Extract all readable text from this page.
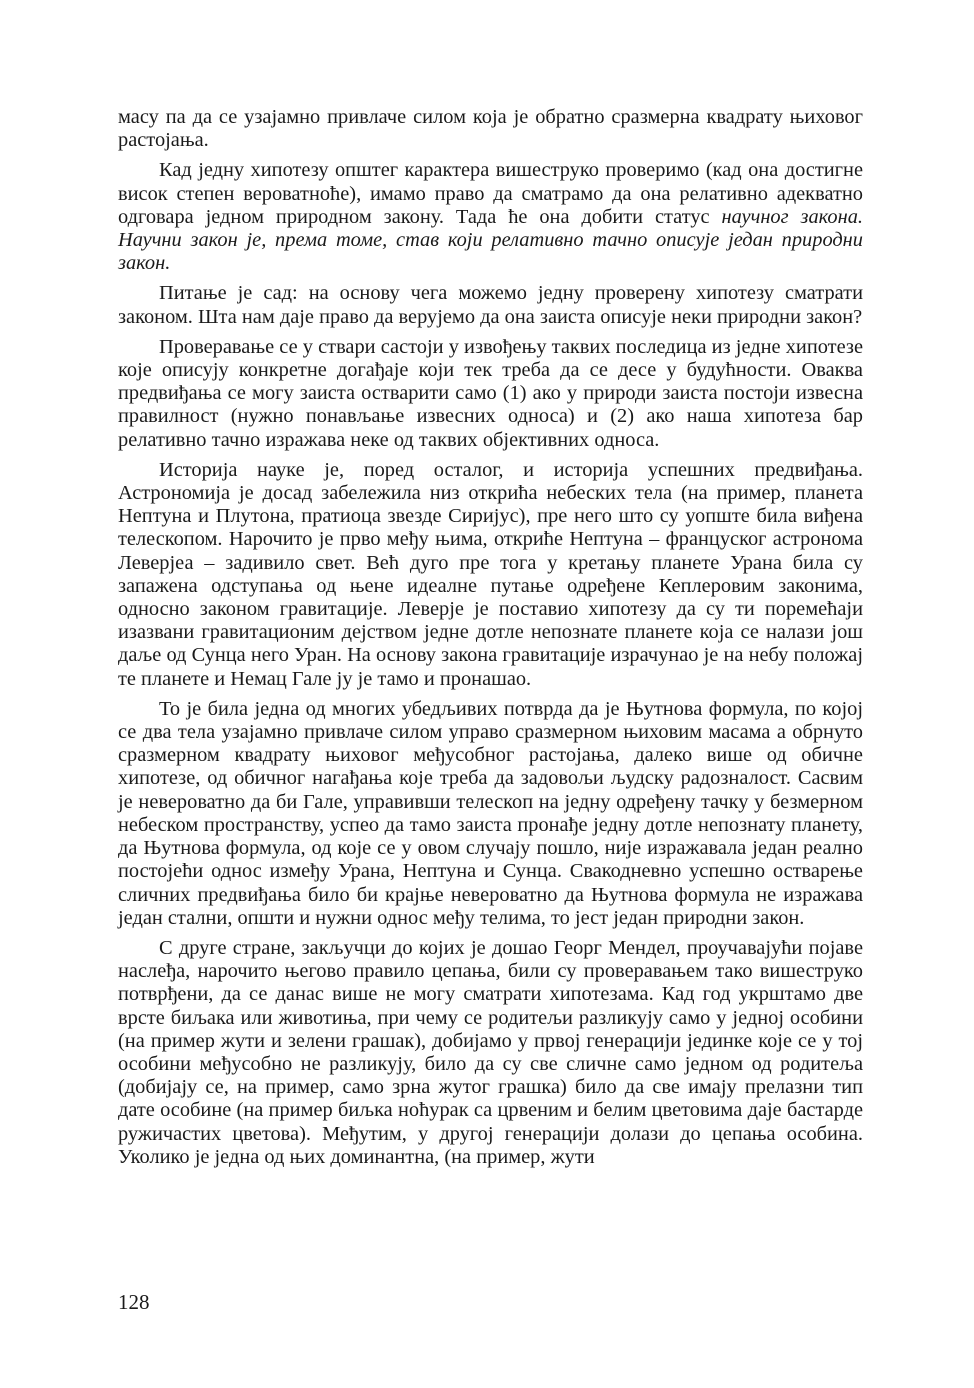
масу па да се узајамно привлаче силом која је обратно сразмерна квадрату њиховог растојања.

Кад једну хипотезу општег карактера вишеструко проверимо (кад она достигне висок степен вероватноће), имамо право да сматрамо да она релативно адекватно одговара једном природном закону. Тада ће она добити статус научног закона. Научни закон је, према томе, став који релативно тачно описује један природни закон.

Питање је сад: на основу чега можемо једну проверену хипотезу сматрати законом. Шта нам даје право да верујемо да она заиста описује неки природни закон?

Проверавање се у ствари састоји у извођењу таквих последица из једне хипотезе које описују конкретне догађаје који тек треба да се десе у будућности. Оваква предвиђања се могу заиста остварити само (1) ако у природи заиста постоји извесна правилност (нужно понављање извесних односа) и (2) ако наша хипотеза бар релативно тачно изражава неке од таквих објективних односа.

Историја науке је, поред осталог, и историја успешних предвиђања. Астрономија је досад забележила низ открића небеских тела (на пример, планета Нептуна и Плутона, пратиоца звезде Сиријус), пре него што су уопште била виђена телескопом. Нарочито је прво међу њима, откриће Нептуна – француског астронома Леверјеа – задивило свет. Већ дуго пре тога у кретању планете Урана била су запажена одступања од њене идеалне путање одређене Кеплеровим законима, односно законом гравитације. Леверје је поставио хипотезу да су ти поремећаји изазвани гравитационим дејством једне дотле непознате планете која се налази још даље од Сунца него Уран. На основу закона гравитације израчунао је на небу положај те планете и Немац Гале ју је тамо и пронашао.

То је била једна од многих убедљивих потврда да је Њутнова формула, по којој се два тела узајамно привлаче силом управо сразмерном њиховим масама а обрнуто сразмерном квадрату њиховог међусобног растојања, далеко више од обичне хипотезе, од обичног нагађања које треба да задовољи људску радозналост. Сасвим је невероватно да би Гале, управивши телескоп на једну одређену тачку у безмерном небеском пространству, успео да тамо заиста пронађе једну дотле непознату планету, да Њутнова формула, од које се у овом случају пошло, није изражавала један реално постојећи однос између Урана, Нептуна и Сунца. Свакодневно успешно остварење сличних предвиђања било би крајње невероватно да Њутнова формула не изражава један стални, општи и нужни однос међу телима, то јест један природни закон.

С друге стране, закључци до којих је дошао Георг Мендел, проучавајући појаве наслеђа, нарочито његово правило цепања, били су проверавањем тако вишеструко потврђени, да се данас више не могу сматрати хипотезама. Кад год укрштамо две врсте биљака или животиња, при чему се родитељи разликују само у једној особини (на пример жути и зелени грашак), добијамо у првој генерацији јединке које се у тој особини међусобно не разликују, било да су све сличне само једном од родитеља (добијају се, на пример, само зрна жутог грашка) било да све имају прелазни тип дате особине (на пример биљка ноћурак са црвеним и белим цветовима даје бастарде ружичастих цветова). Међутим, у другој генерацији долази до цепања особина. Уколико је једна од њих доминантна, (на пример, жути

128
